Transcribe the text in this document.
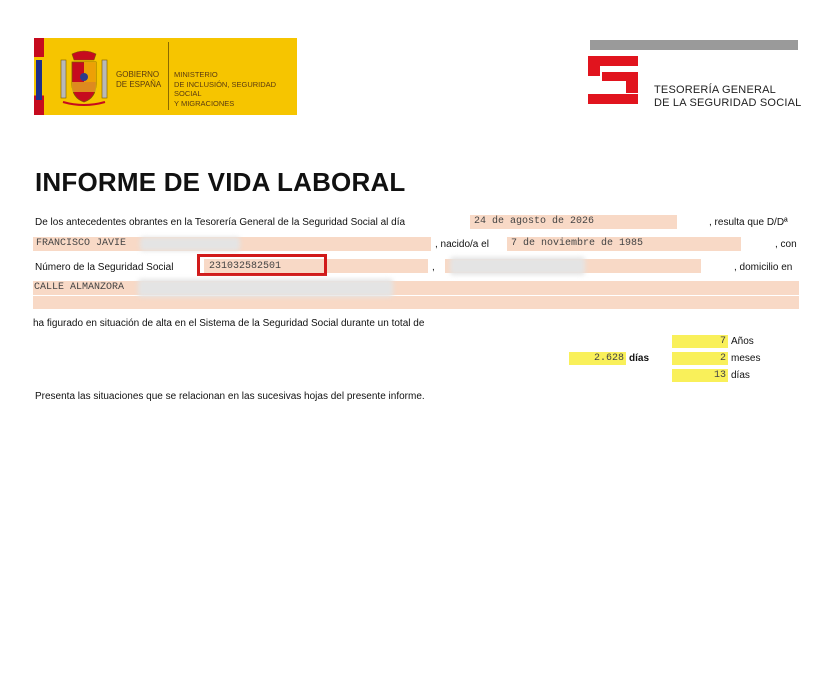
GOBIERNO
DE ESPAÑA
MINISTERIO
DE INCLUSIÓN, SEGURIDAD SOCIAL
Y MIGRACIONES
TESORERÍA GENERAL
DE LA SEGURIDAD SOCIAL
INFORME DE VIDA LABORAL
De los antecedentes obrantes en la Tesorería General de la Seguridad Social al día	24 de agosto de 2026	, resulta que D/Dª
FRANCISCO JAVIE	, nacido/a el 7 de noviembre de 1985	, con
Número de la Seguridad Social	231032582501	,	, domicilio en
CALLE ALMANZORA
ha figurado en situación de alta en el Sistema de la Seguridad Social durante un total de
7 Años
2.628 días	2 meses
13 días
Presenta las situaciones que se relacionan en las sucesivas hojas del presente informe.
